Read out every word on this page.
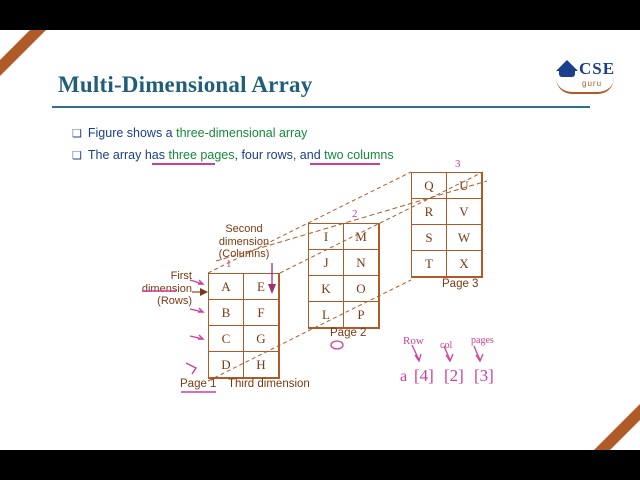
CSE
guru
Multi-Dimensional Array
❑ Figure shows a three-dimensional array
❑ The array has three pages, four rows, and two columns
A	E
B	F
C	G
D	H
Page 1 Third dimension
I	M
J	N
K	O
L	P
Page 2
Q	U
R	V
S	W
T	X
Page 3
Second
dimension
(Columns)
First
dimension
(Rows)
1
2
3
Row col pages
a [4] [2] [3]
